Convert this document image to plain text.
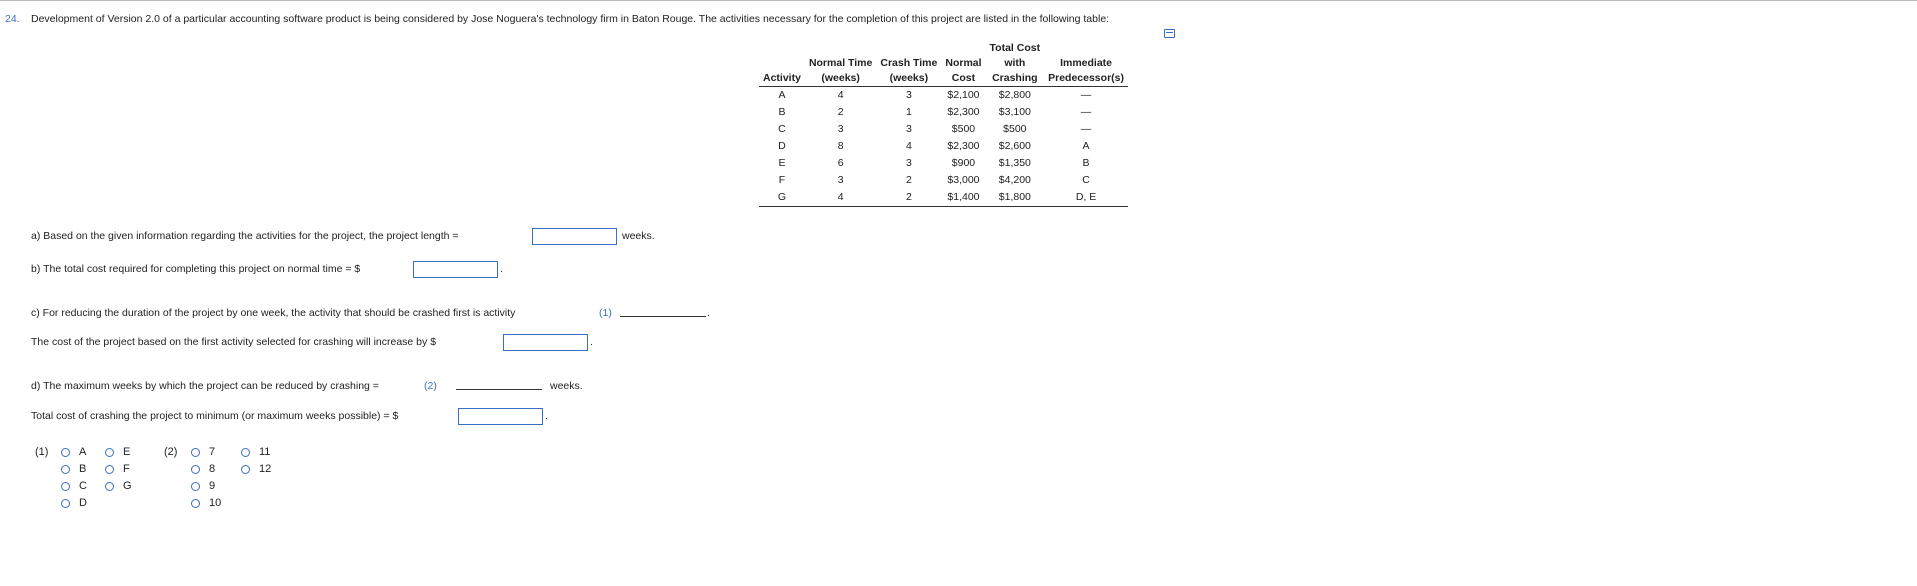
24. Development of Version 2.0 of a particular accounting software product is being considered by Jose Noguera's technology firm in Baton Rouge. The activities necessary for the completion of this project are listed in the following table:
				Total Cost	
	Normal Time	Crash Time	Normal	with	Immediate
Activity	(weeks)	(weeks)	Cost	Crashing	Predecessor(s)
A	4	3	$2,100	$2,800	—
B	2	1	$2,300	$3,100	—
C	3	3	$500	$500	—
D	8	4	$2,300	$2,600	A
E	6	3	$900	$1,350	B
F	3	2	$3,000	$4,200	C
G	4	2	$1,400	$1,800	D, E
a) Based on the given information regarding the activities for the project, the project length =	weeks.
b) The total cost required for completing this project on normal time = $	.
c) For reducing the duration of the project by one week, the activity that should be crashed first is activity	(1)	.
The cost of the project based on the first activity selected for crashing will increase by $	.
d) The maximum weeks by which the project can be reduced by crashing =	(2)	weeks.
Total cost of crashing the project to minimum (or maximum weeks possible) = $	.
(1)	A
B
C
D
E
F
G
(2)	7
8
9
10
11
12
